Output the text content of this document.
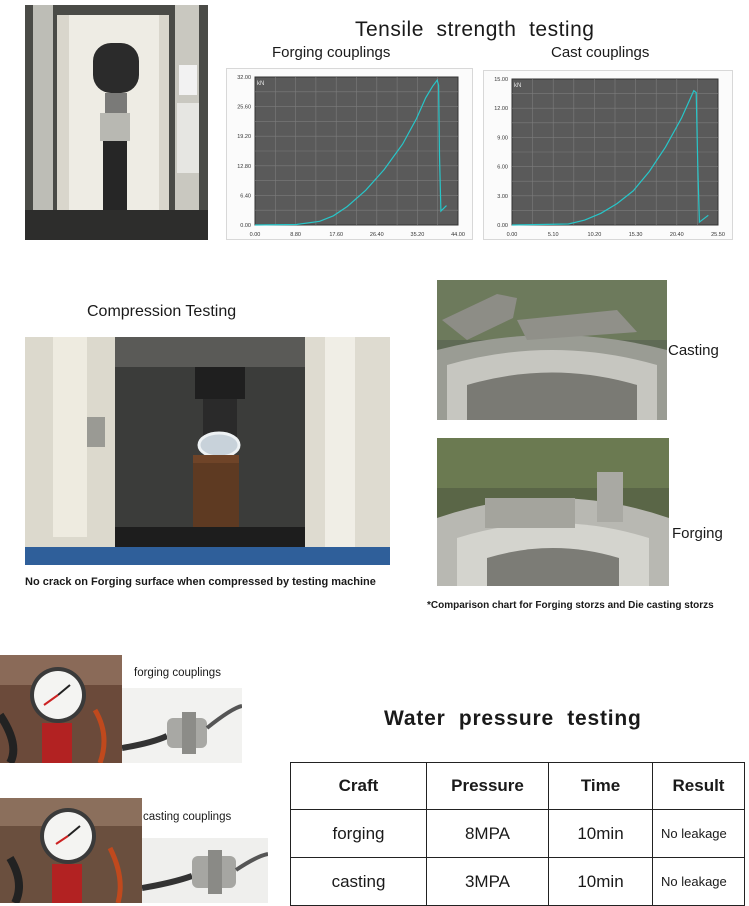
Tensile  strength  testing
Forging couplings	Cast couplings
0.00	8.80	17.60	26.40	35.20	44.00
0.00
6.40
12.80
19.20
25.60
32.00
kN
0.00	5.10	10.20	15.30	20.40	25.50
0.00
3.00
6.00
9.00
12.00
15.00
kN
Compression Testing
No crack on Forging surface when compressed by testing machine
Casting
Forging
*Comparison chart for Forging storzs and Die casting storzs
forging couplings
casting couplings
Water  pressure  testing
Craft	Pressure	Time	Result
forging	8MPA	10min	No leakage
casting	3MPA	10min	No leakage
